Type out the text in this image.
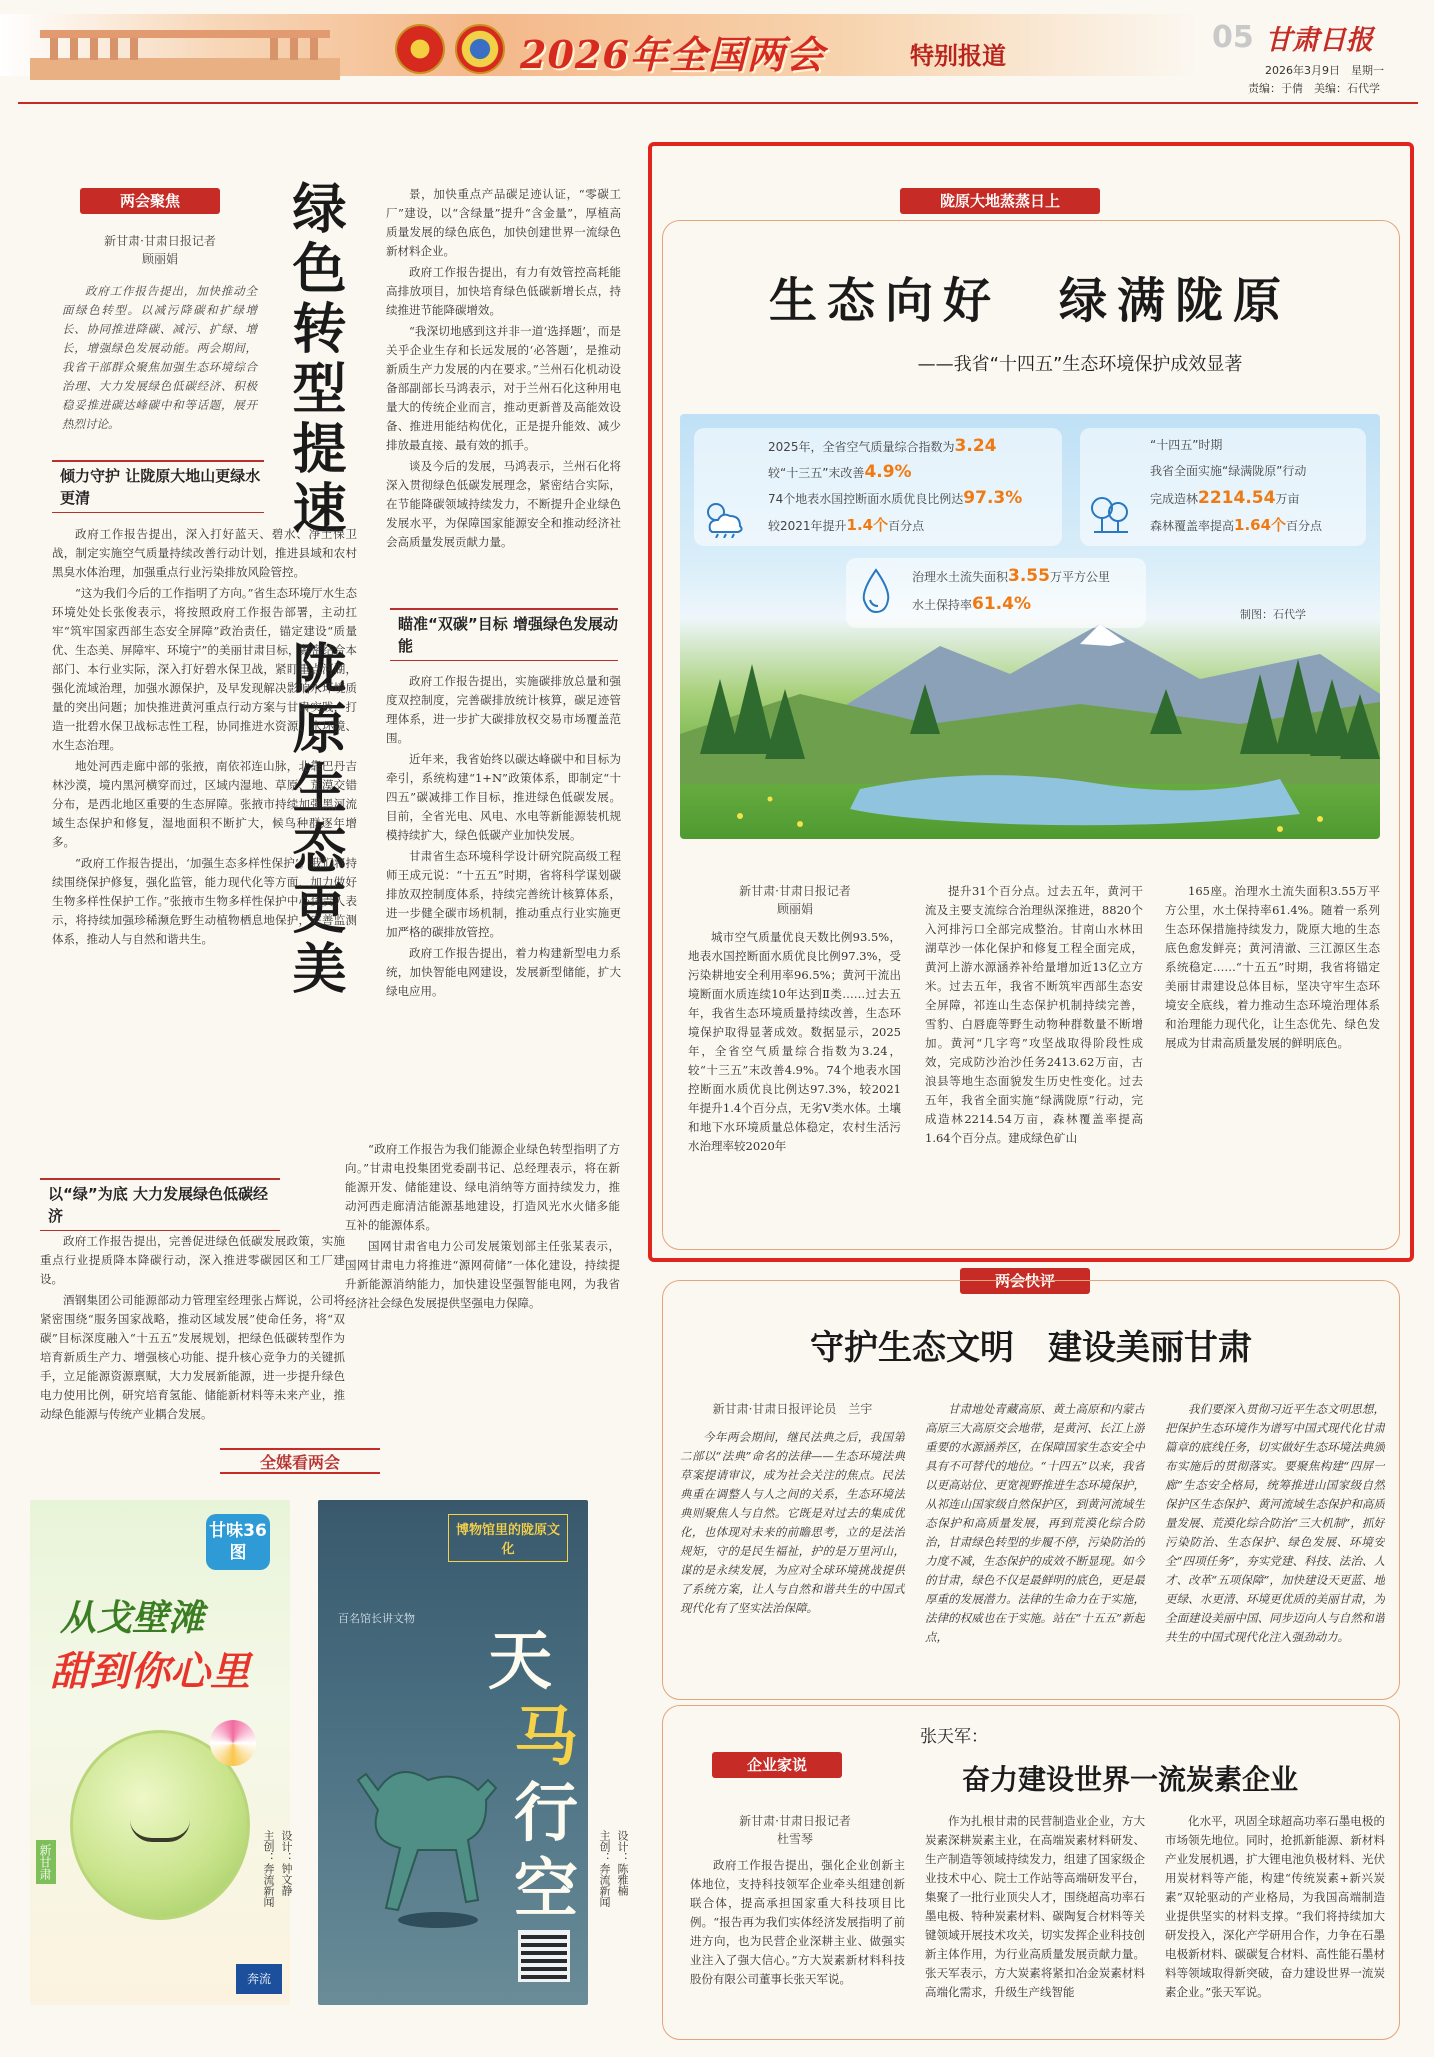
2026年全国两会	特别报道
05 甘肃日报
2026年3月9日　星期一
责编：于倩　美编：石代学
两会聚焦
新甘肃·甘肃日报记者
顾丽娟
政府工作报告提出，加快推动全面绿色转型。以减污降碳和扩绿增长、协同推进降碳、减污、扩绿、增长，增强绿色发展动能。两会期间，我省干部群众聚焦加强生态环境综合治理、大力发展绿色低碳经济、积极稳妥推进碳达峰碳中和等话题，展开热烈讨论。	绿色转型提速
陇原生态更美
倾力守护 让陇原大地山更绿水更清

政府工作报告提出，深入打好蓝天、碧水、净土保卫战，制定实施空气质量持续改善行动计划，推进县域和农村黑臭水体治理，加强重点行业污染排放风险管控。

“这为我们今后的工作指明了方向。”省生态环境厅水生态环境处处长张俊表示，将按照政府工作报告部署，主动扛牢“筑牢国家西部生态安全屏障”政治责任，锚定建设“质量优、生态美、屏障牢、环境宁”的美丽甘肃目标，紧密结合本部门、本行业实际，深入打好碧水保卫战，紧盯重点河湖，强化流域治理，加强水源保护，及早发现解决影响水环境质量的突出问题；加快推进黄河重点行动方案与甘肃实践，打造一批碧水保卫战标志性工程，协同推进水资源、水环境、水生态治理。

地处河西走廊中部的张掖，南依祁连山脉，北靠巴丹吉林沙漠，境内黑河横穿而过，区域内湿地、草原、荒漠交错分布，是西北地区重要的生态屏障。张掖市持续加强黑河流域生态保护和修复，湿地面积不断扩大，候鸟种群逐年增多。

“政府工作报告提出，‘加强生态多样性保护’。我们将持续围绕保护修复，强化监管，能力现代化等方面，加力做好生物多样性保护工作。”张掖市生物多样性保护中心负责人表示，将持续加强珍稀濒危野生动植物栖息地保护，完善监测体系，推动人与自然和谐共生。

以“绿”为底 大力发展绿色低碳经济

政府工作报告提出，完善促进绿色低碳发展政策，实施重点行业提质降本降碳行动，深入推进零碳园区和工厂建设。

酒钢集团公司能源部动力管理室经理张占辉说，公司将紧密围绕“服务国家战略，推动区域发展”使命任务，将“双碳”目标深度融入“十五五”发展规划，把绿色低碳转型作为培育新质生产力、增强核心功能、提升核心竞争力的关键抓手，立足能源资源禀赋，大力发展新能源，进一步提升绿色电力使用比例，研究培育氢能、储能新材料等未来产业，推动绿色能源与传统产业耦合发展。

景，加快重点产品碳足迹认证，“零碳工厂”建设，以“含绿量”提升“含金量”，厚植高质量发展的绿色底色，加快创建世界一流绿色新材料企业。

政府工作报告提出，有力有效管控高耗能高排放项目，加快培育绿色低碳新增长点，持续推进节能降碳增效。

“我深切地感到这并非一道‘选择题’，而是关乎企业生存和长远发展的‘必答题’，是推动新质生产力发展的内在要求。”兰州石化机动设备部副部长马鸿表示，对于兰州石化这种用电量大的传统企业而言，推动更新普及高能效设备、推进用能结构优化，正是提升能效、减少排放最直接、最有效的抓手。

谈及今后的发展，马鸿表示，兰州石化将深入贯彻绿色低碳发展理念，紧密结合实际，在节能降碳领域持续发力，不断提升企业绿色发展水平，为保障国家能源安全和推动经济社会高质量发展贡献力量。

瞄准“双碳”目标 增强绿色发展动能

政府工作报告提出，实施碳排放总量和强度双控制度，完善碳排放统计核算，碳足迹管理体系，进一步扩大碳排放权交易市场覆盖范围。

近年来，我省始终以碳达峰碳中和目标为牵引，系统构建“1+N”政策体系，即制定“十四五”碳减排工作目标，推进绿色低碳发展。目前，全省光电、风电、水电等新能源装机规模持续扩大，绿色低碳产业加快发展。

甘肃省生态环境科学设计研究院高级工程师王成元说：“十五五”时期，省将科学谋划碳排放双控制度体系，持续完善统计核算体系，进一步健全碳市场机制，推动重点行业实施更加严格的碳排放管控。

政府工作报告提出，着力构建新型电力系统，加快智能电网建设，发展新型储能，扩大绿电应用。

“政府工作报告为我们能源企业绿色转型指明了方向。”甘肃电投集团党委副书记、总经理表示，将在新能源开发、储能建设、绿电消纳等方面持续发力，推动河西走廊清洁能源基地建设，打造风光水火储多能互补的能源体系。

国网甘肃省电力公司发展策划部主任张某表示，国网甘肃电力将推进“源网荷储”一体化建设，持续提升新能源消纳能力，加快建设坚强智能电网，为我省经济社会绿色发展提供坚强电力保障。

陇原大地蒸蒸日上
生态向好　绿满陇原
——我省“十四五”生态环境保护成效显著
2025年，全省空气质量综合指数为3.24
较“十三五”末改善4.9%
74个地表水国控断面水质优良比例达97.3%
较2021年提升1.4个百分点
“十四五”时期
我省全面实施“绿满陇原”行动
完成造林2214.54万亩
森林覆盖率提高1.64个百分点
治理水土流失面积3.55万平方公里
水土保持率61.4%
制图：石代学
新甘肃·甘肃日报记者
顾丽娟
城市空气质量优良天数比例93.5%，地表水国控断面水质优良比例97.3%，受污染耕地安全利用率96.5%；黄河干流出境断面水质连续10年达到Ⅱ类……过去五年，我省生态环境质量持续改善，生态环境保护取得显著成效。数据显示，2025年，全省空气质量综合指数为3.24，较“十三五”末改善4.9%。74个地表水国控断面水质优良比例达97.3%，较2021年提升1.4个百分点，无劣Ⅴ类水体。土壤和地下水环境质量总体稳定，农村生活污水治理率较2020年
提升31个百分点。过去五年，黄河干流及主要支流综合治理纵深推进，8820个入河排污口全部完成整治。甘南山水林田湖草沙一体化保护和修复工程全面完成，黄河上游水源涵养补给量增加近13亿立方米。过去五年，我省不断筑牢西部生态安全屏障，祁连山生态保护机制持续完善，雪豹、白唇鹿等野生动物种群数量不断增加。黄河“几字弯”攻坚战取得阶段性成效，完成防沙治沙任务2413.62万亩，古浪县等地生态面貌发生历史性变化。过去五年，我省全面实施“绿满陇原”行动，完成造林2214.54万亩，森林覆盖率提高1.64个百分点。建成绿色矿山
165座。治理水土流失面积3.55万平方公里，水土保持率61.4%。随着一系列生态环保措施持续发力，陇原大地的生态底色愈发鲜亮；黄河清澈、三江源区生态系统稳定……“十五五”时期，我省将锚定美丽甘肃建设总体目标，坚决守牢生态环境安全底线，着力推动生态环境治理体系和治理能力现代化，让生态优先、绿色发展成为甘肃高质量发展的鲜明底色。
两会快评
守护生态文明　建设美丽甘肃
新甘肃·甘肃日报评论员　兰宇
今年两会期间，继民法典之后，我国第二部以“法典”命名的法律——生态环境法典草案提请审议，成为社会关注的焦点。民法典重在调整人与人之间的关系，生态环境法典则聚焦人与自然。它既是对过去的集成优化，也体现对未来的前瞻思考，立的是法治规矩，守的是民生福祉，护的是万里河山，谋的是永续发展，为应对全球环境挑战提供了系统方案，让人与自然和谐共生的中国式现代化有了坚实法治保障。
甘肃地处青藏高原、黄土高原和内蒙古高原三大高原交会地带，是黄河、长江上游重要的水源涵养区，在保障国家生态安全中具有不可替代的地位。“十四五”以来，我省以更高站位、更宽视野推进生态环境保护，从祁连山国家级自然保护区，到黄河流域生态保护和高质量发展，再到荒漠化综合防治，甘肃绿色转型的步履不停，污染防治的力度不减，生态保护的成效不断显现。如今的甘肃，绿色不仅是最鲜明的底色，更是最厚重的发展潜力。法律的生命力在于实施，法律的权威也在于实施。站在“十五五”新起点，
我们要深入贯彻习近平生态文明思想，把保护生态环境作为谱写中国式现代化甘肃篇章的底线任务，切实做好生态环境法典颁布实施后的贯彻落实。要聚焦构建“四屏一廊”生态安全格局，统筹推进山国家级自然保护区生态保护、黄河流域生态保护和高质量发展、荒漠化综合防治“三大机制”，抓好污染防治、生态保护、绿色发展、环境安全“四项任务”，夯实党建、科技、法治、人才、改革“五项保障”，加快建设天更蓝、地更绿、水更清、环境更优质的美丽甘肃，为全面建设美丽中国、同步迈向人与自然和谐共生的中国式现代化注入强劲动力。
全媒看两会
甘味36图
从戈壁滩
甜到你心里
新甘肃
奔流
设计：钟文静
主创：奔流新闻
博物馆里的陇原文化
百名馆长讲文物
天
马
行
空	设计：陈雅楠
主创：奔流新闻
企业家说
张天军：
奋力建设世界一流炭素企业
新甘肃·甘肃日报记者
杜雪琴
政府工作报告提出，强化企业创新主体地位，支持科技领军企业牵头组建创新联合体，提高承担国家重大科技项目比例。“报告再为我们实体经济发展指明了前进方向，也为民营企业深耕主业、做强实业注入了强大信心。”方大炭素新材料科技股份有限公司董事长张天军说。
作为扎根甘肃的民营制造业企业，方大炭素深耕炭素主业，在高端炭素材料研发、生产制造等领域持续发力，组建了国家级企业技术中心、院士工作站等高端研发平台，集聚了一批行业顶尖人才，围绕超高功率石墨电极、特种炭素材料、碳陶复合材料等关键领域开展技术攻关，切实发挥企业科技创新主体作用，为行业高质量发展贡献力量。张天军表示，方大炭素将紧扣冶金炭素材料高端化需求，升级生产线智能
化水平，巩固全球超高功率石墨电极的市场领先地位。同时，抢抓新能源、新材料产业发展机遇，扩大锂电池负极材料、光伏用炭材料等产能，构建“传统炭素+新兴炭素”双轮驱动的产业格局，为我国高端制造业提供坚实的材料支撑。“我们将持续加大研发投入，深化产学研用合作，力争在石墨电极新材料、碳碳复合材料、高性能石墨材料等领域取得新突破，奋力建设世界一流炭素企业。”张天军说。
